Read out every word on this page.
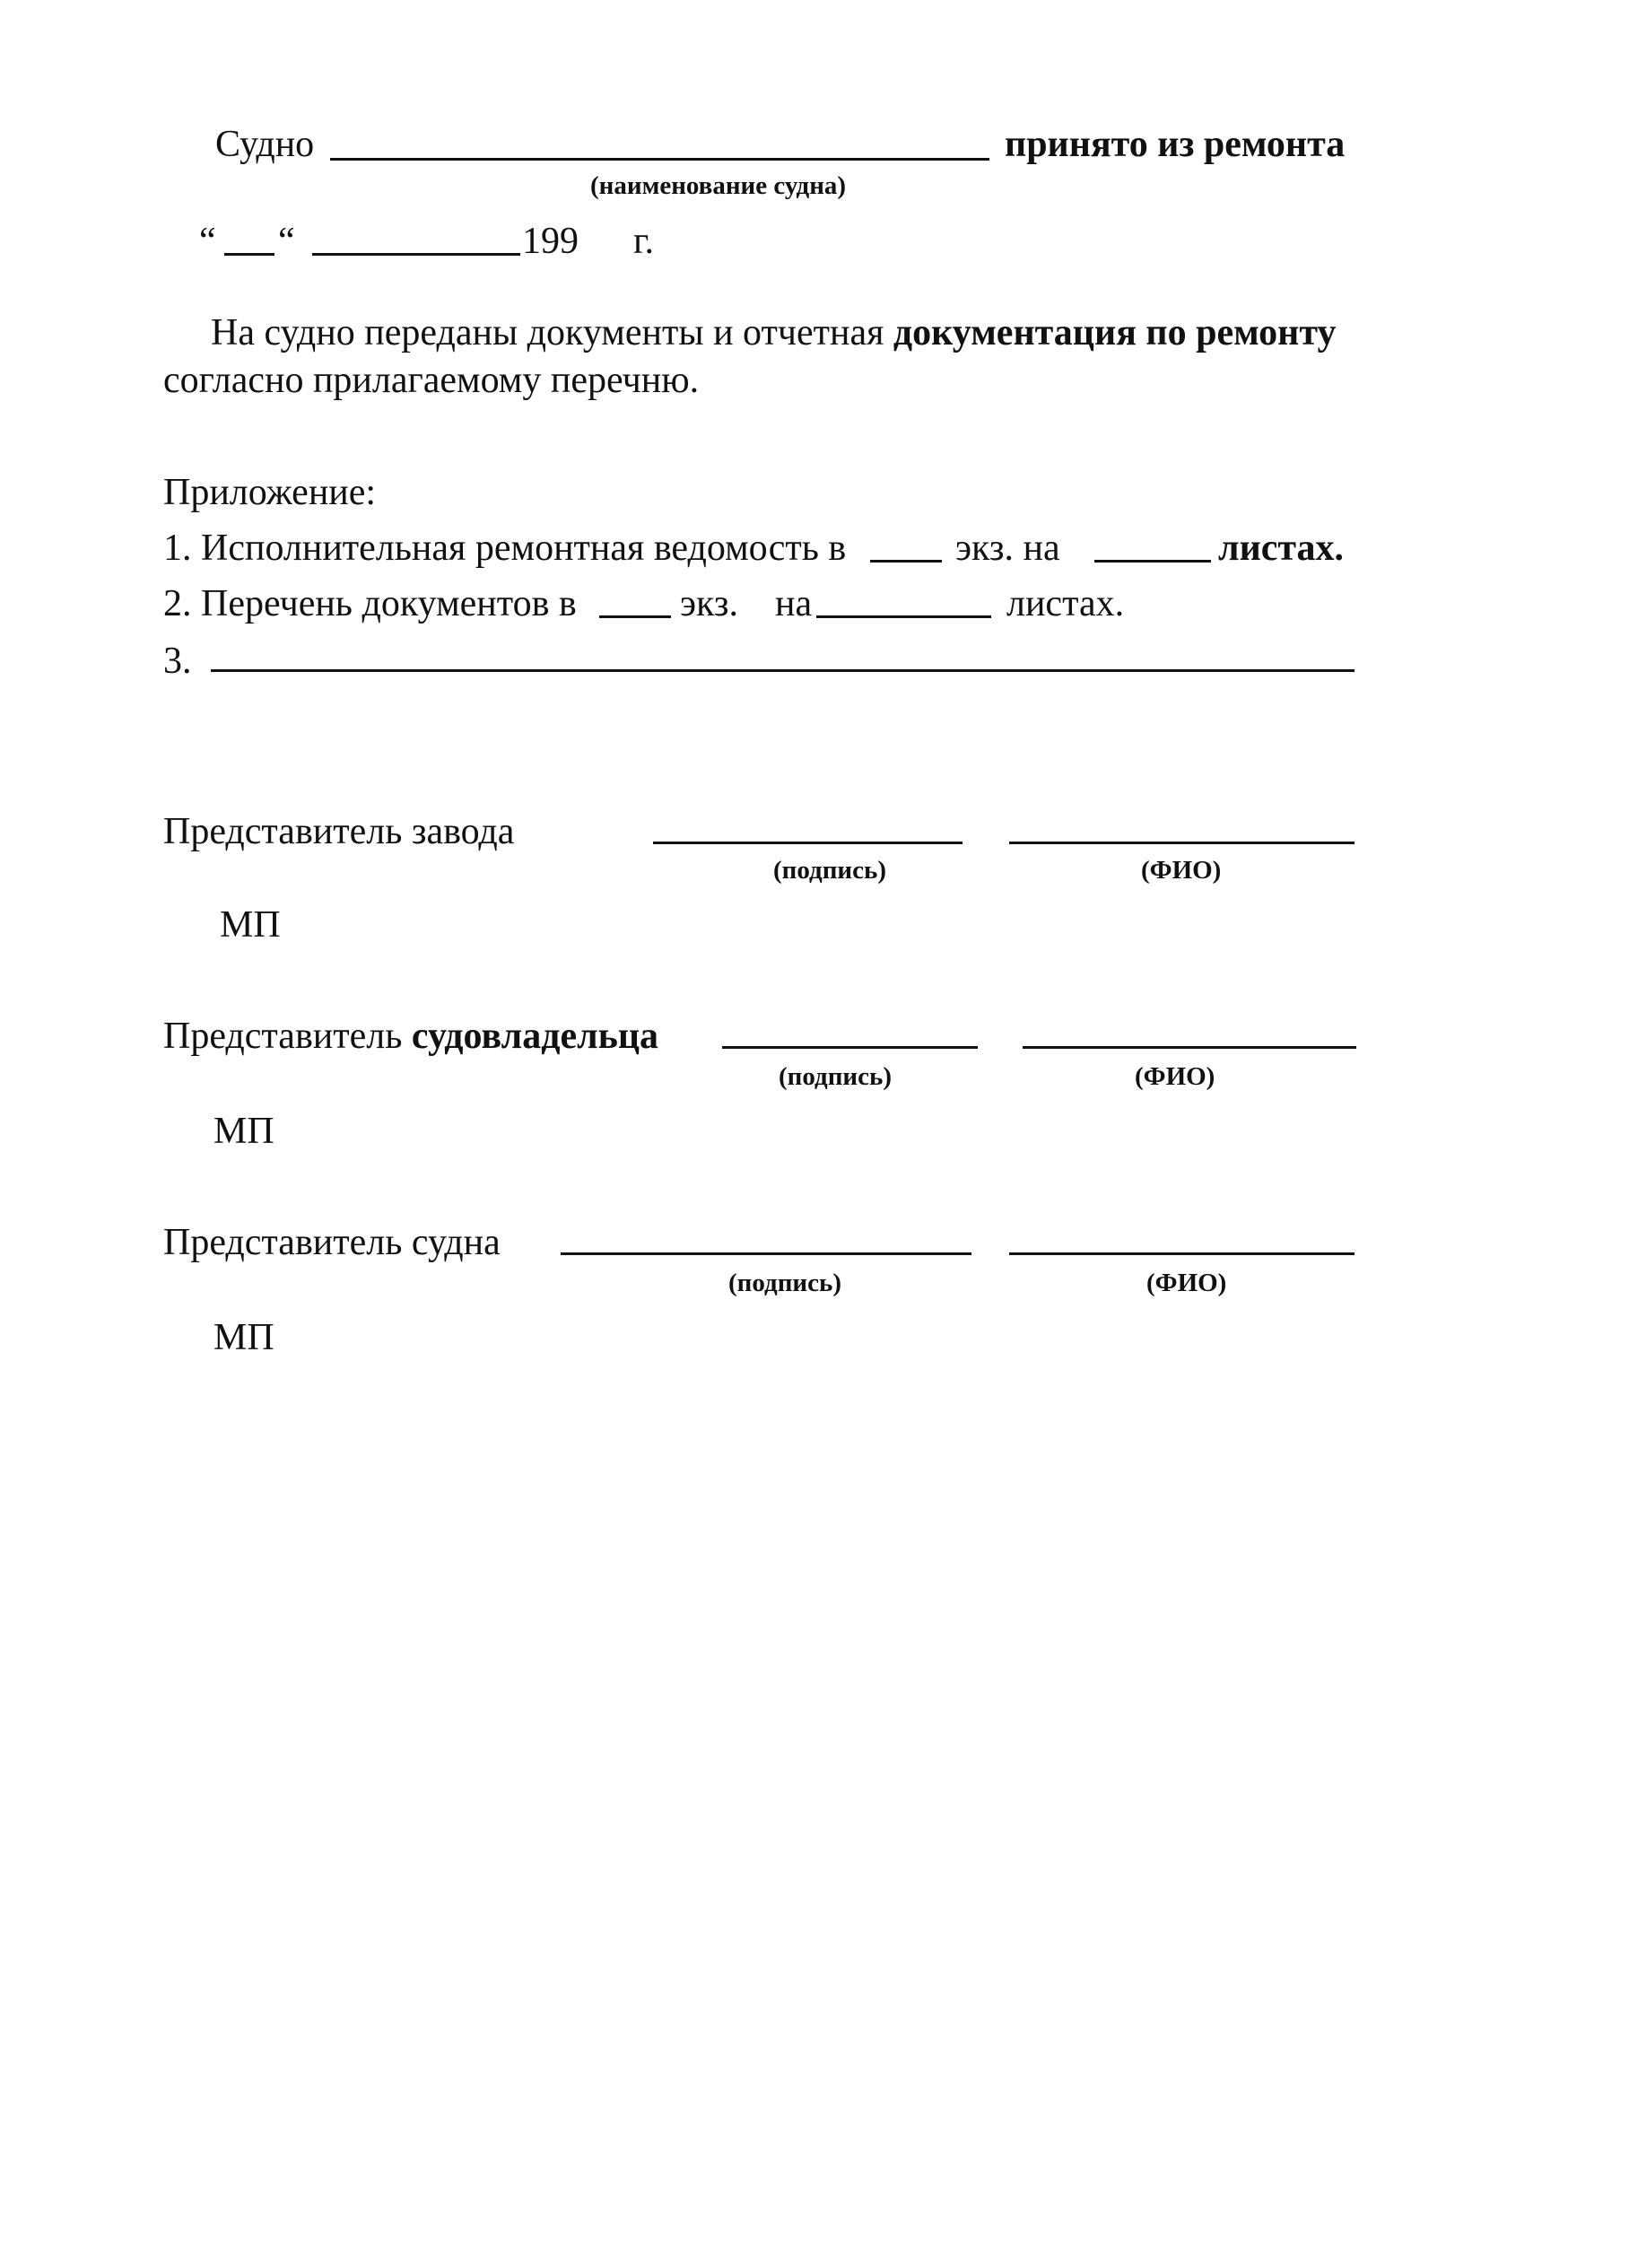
Судно	принято из ремонта
(наименование судна)
“ “	199 г.
На судно переданы документы и отчетная документация по ремонту
согласно прилагаемому перечню.
Приложение:
1. Исполнительная ремонтная ведомость в	экз. на	листах.
2. Перечень документов в	экз. на	листах.
3.
Представитель завода
(подпись)	(ФИО)
МП
Представитель судовладельца
(подпись)	(ФИО)
МП
Представитель судна
(подпись)	(ФИО)
МП
